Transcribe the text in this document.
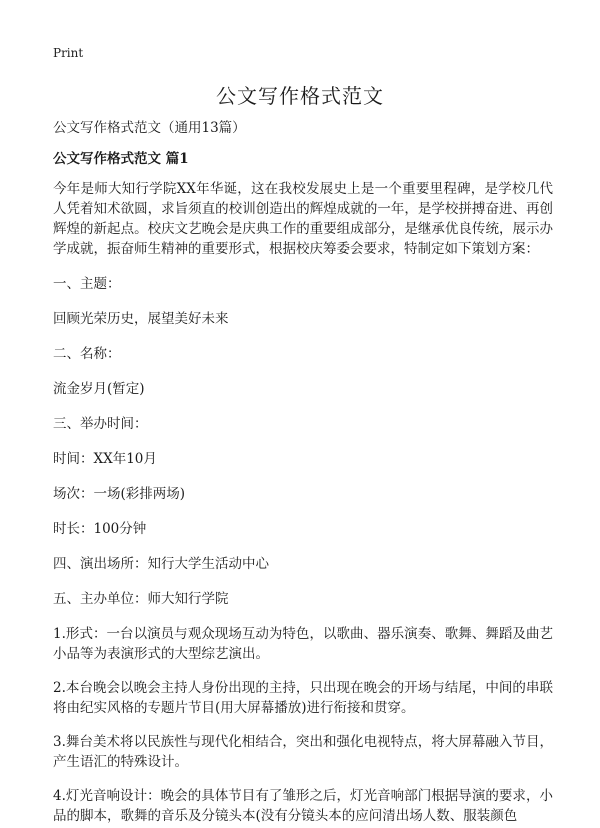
Print
公文写作格式范文

公文写作格式范文（通用13篇）

公文写作格式范文 篇1

今年是师大知行学院XX年华诞，这在我校发展史上是一个重要里程碑，是学校几代人凭着知术欲圆，求旨须直的校训创造出的辉煌成就的一年，是学校拼搏奋进、再创辉煌的新起点。校庆文艺晚会是庆典工作的重要组成部分，是继承优良传统，展示办学成就，振奋师生精神的重要形式，根据校庆筹委会要求，特制定如下策划方案：

一、主题：

回顾光荣历史，展望美好未来

二、名称：

流金岁月(暂定)

三、举办时间：

时间：XX年10月

场次：一场(彩排两场)

时长：100分钟

四、演出场所：知行大学生活动中心

五、主办单位：师大知行学院

1.形式：一台以演员与观众现场互动为特色，以歌曲、器乐演奏、歌舞、舞蹈及曲艺小品等为表演形式的大型综艺演出。

2.本台晚会以晚会主持人身份出现的主持，只出现在晚会的开场与结尾，中间的串联将由纪实风格的专题片节目(用大屏幕播放)进行衔接和贯穿。

3.舞台美术将以民族性与现代化相结合，突出和强化电视特点，将大屏幕融入节目，产生语汇的特殊设计。

4.灯光音响设计：晚会的具体节目有了雏形之后，灯光音响部门根据导演的要求，小品的脚本，歌舞的音乐及分镜头本(没有分镜头本的应问清出场人数、服装颜色
